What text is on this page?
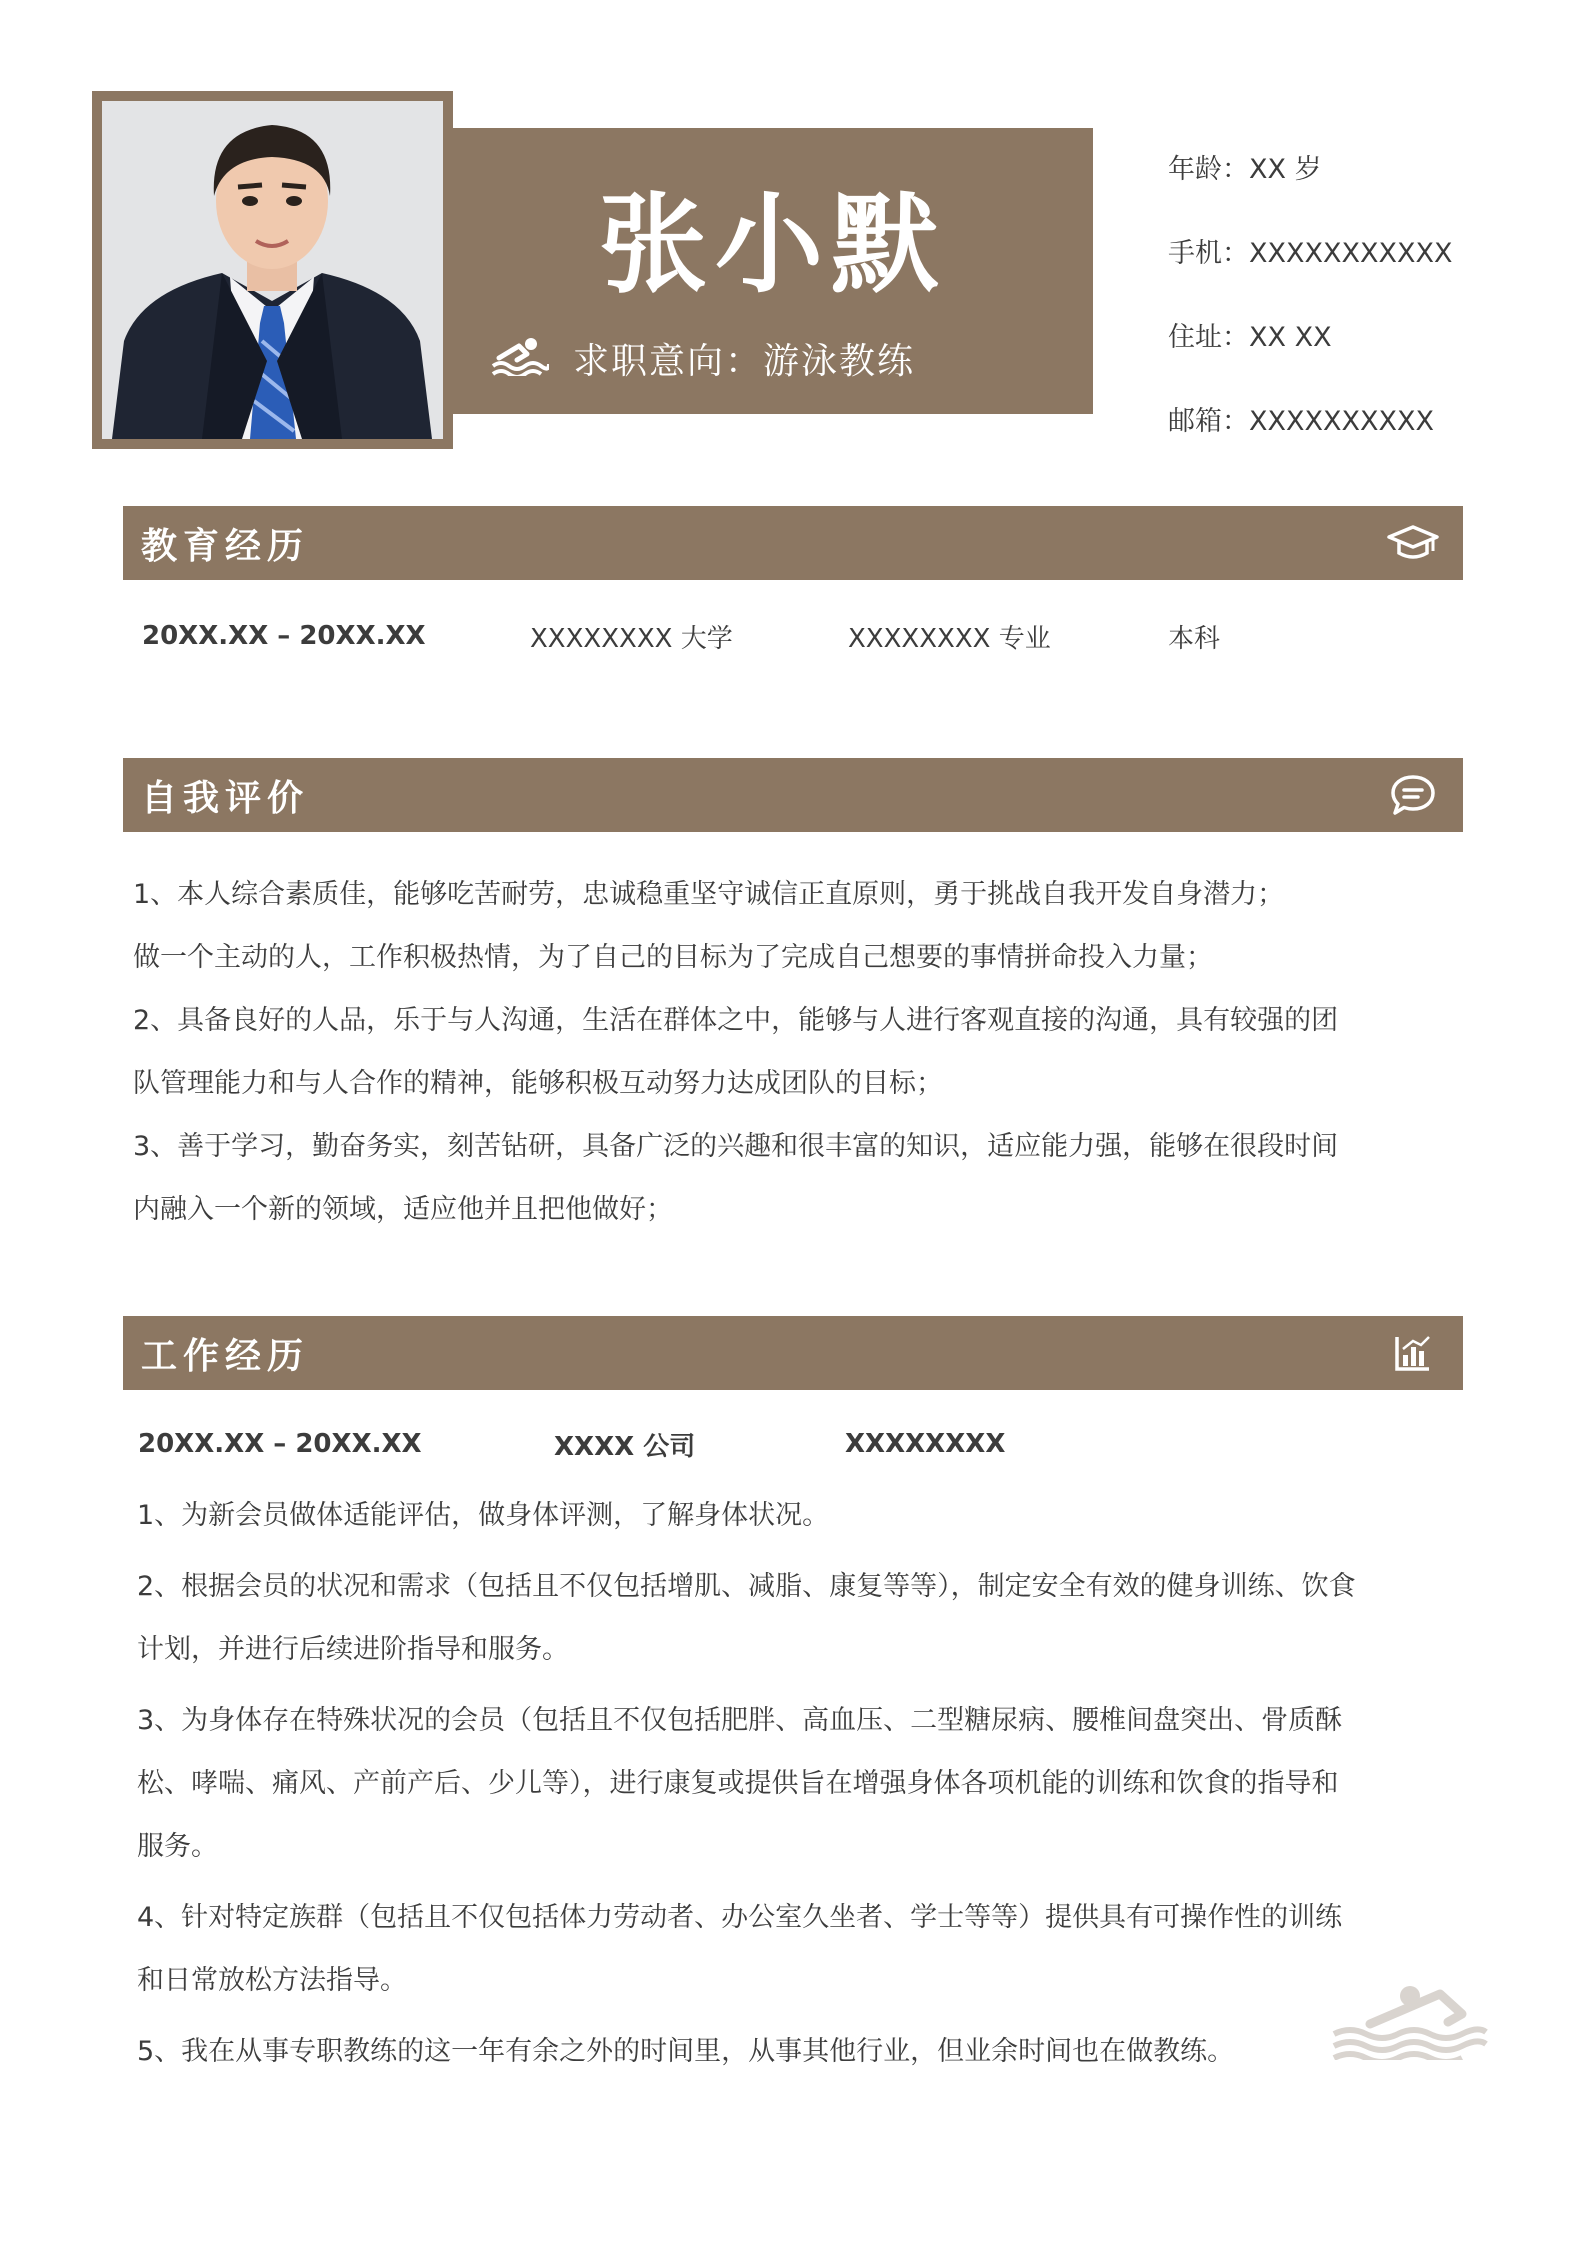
张小默
求职意向：游泳教练
年龄：XX 岁
手机：XXXXXXXXXXX
住址：XX XX
邮箱：XXXXXXXXXX
教育经历
20XX.XX – 20XX.XX	XXXXXXXX 大学	XXXXXXXX 专业	本科
自我评价

1、本人综合素质佳，能够吃苦耐劳，忠诚稳重坚守诚信正直原则，勇于挑战自我开发自身潜力；

做一个主动的人，工作积极热情，为了自己的目标为了完成自己想要的事情拼命投入力量；

2、具备良好的人品，乐于与人沟通，生活在群体之中，能够与人进行客观直接的沟通，具有较强的团

队管理能力和与人合作的精神，能够积极互动努力达成团队的目标；

3、善于学习，勤奋务实，刻苦钻研，具备广泛的兴趣和很丰富的知识，适应能力强，能够在很段时间

内融入一个新的领域，适应他并且把他做好；

工作经历
20XX.XX – 20XX.XX	XXXX 公司	XXXXXXXX

1、为新会员做体适能评估，做身体评测，了解身体状况。

2、根据会员的状况和需求（包括且不仅包括增肌、减脂、康复等等），制定安全有效的健身训练、饮食

计划，并进行后续进阶指导和服务。

3、为身体存在特殊状况的会员（包括且不仅包括肥胖、高血压、二型糖尿病、腰椎间盘突出、骨质酥

松、哮喘、痛风、产前产后、少儿等），进行康复或提供旨在增强身体各项机能的训练和饮食的指导和

服务。

4、针对特定族群（包括且不仅包括体力劳动者、办公室久坐者、学士等等）提供具有可操作性的训练

和日常放松方法指导。

5、我在从事专职教练的这一年有余之外的时间里，从事其他行业，但业余时间也在做教练。
